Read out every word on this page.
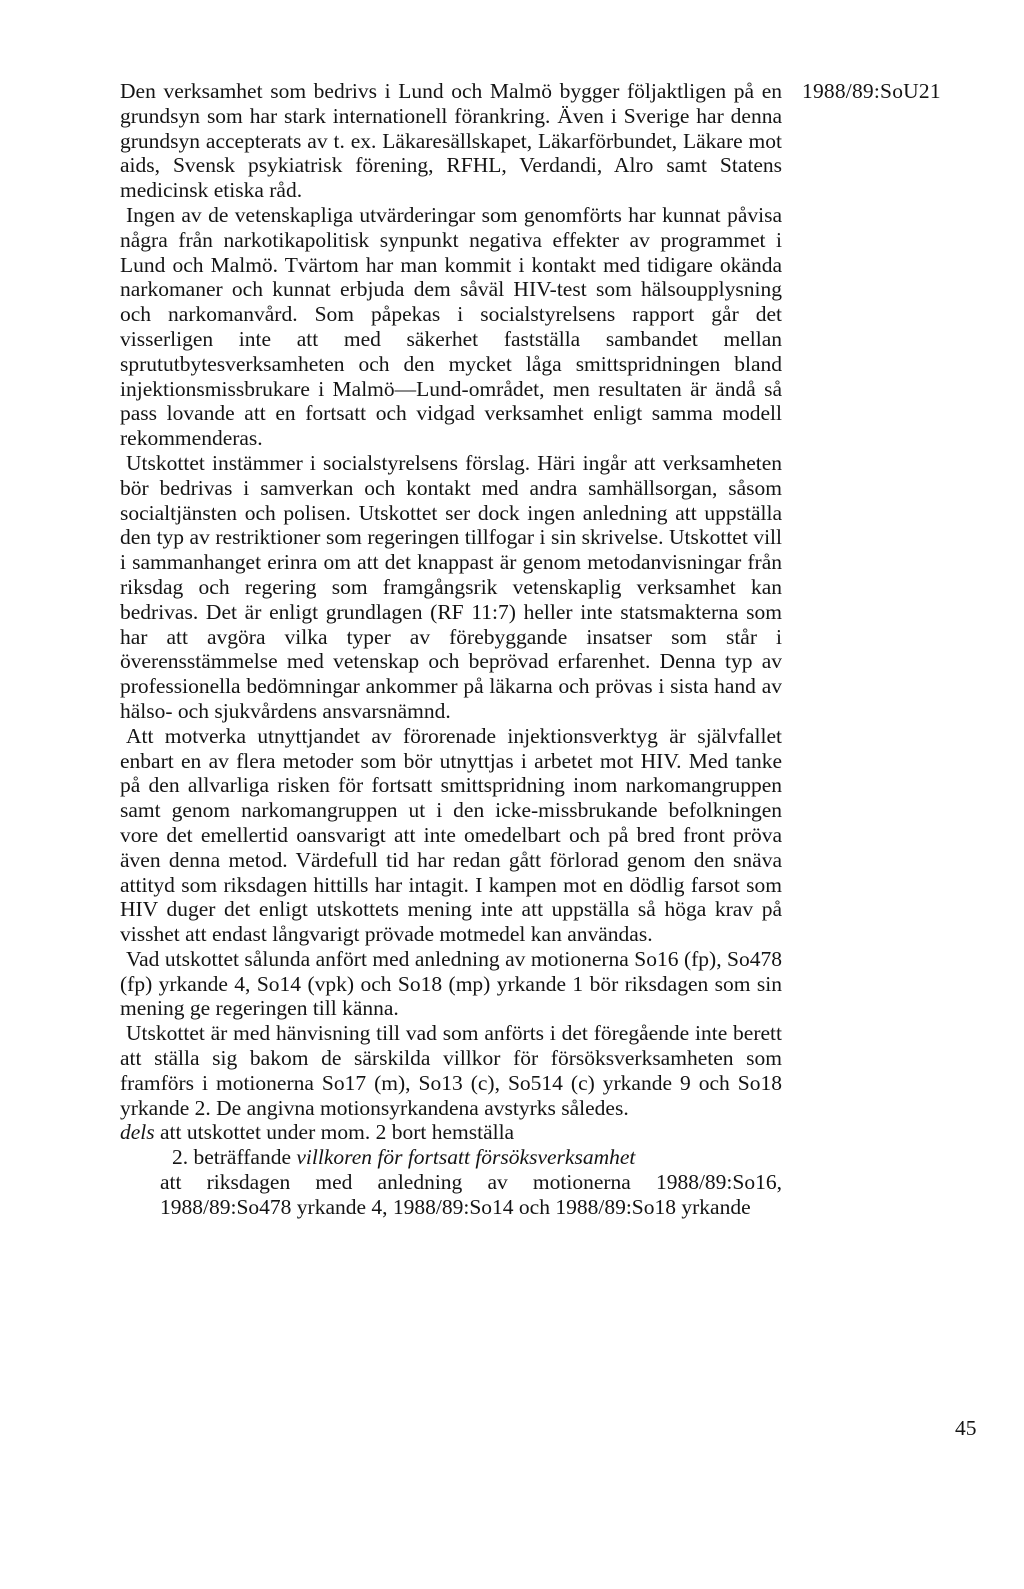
1988/89:SoU21

Den verksamhet som bedrivs i Lund och Malmö bygger följaktligen på en grundsyn som har stark internationell förankring. Även i Sverige har denna grundsyn accepterats av t. ex. Läkaresällskapet, Läkarförbundet, Läkare mot aids, Svensk psykiatrisk förening, RFHL, Verdandi, Alro samt Statens medicinsk etiska råd.

Ingen av de vetenskapliga utvärderingar som genomförts har kunnat påvisa några från narkotikapolitisk synpunkt negativa effekter av programmet i Lund och Malmö. Tvärtom har man kommit i kontakt med tidigare okända narkomaner och kunnat erbjuda dem såväl HIV-test som hälsoupplysning och narkomanvård. Som påpekas i socialstyrelsens rapport går det visserligen inte att med säkerhet fastställa sambandet mellan sprututbytesverksamheten och den mycket låga smittspridningen bland injektionsmissbrukare i Malmö—Lund-området, men resultaten är ändå så pass lovande att en fortsatt och vidgad verksamhet enligt samma modell rekommenderas.

Utskottet instämmer i socialstyrelsens förslag. Häri ingår att verksamheten bör bedrivas i samverkan och kontakt med andra samhällsorgan, såsom socialtjänsten och polisen. Utskottet ser dock ingen anledning att uppställa den typ av restriktioner som regeringen tillfogar i sin skrivelse. Utskottet vill i sammanhanget erinra om att det knappast är genom metodanvisningar från riksdag och regering som framgångsrik vetenskaplig verksamhet kan bedrivas. Det är enligt grundlagen (RF 11:7) heller inte statsmakterna som har att avgöra vilka typer av förebyggande insatser som står i överensstämmelse med vetenskap och beprövad erfarenhet. Denna typ av professionella bedömningar ankommer på läkarna och prövas i sista hand av hälso- och sjukvårdens ansvarsnämnd.

Att motverka utnyttjandet av förorenade injektionsverktyg är självfallet enbart en av flera metoder som bör utnyttjas i arbetet mot HIV. Med tanke på den allvarliga risken för fortsatt smittspridning inom narkomangruppen samt genom narkomangruppen ut i den icke-missbrukande befolkningen vore det emellertid oansvarigt att inte omedelbart och på bred front pröva även denna metod. Värdefull tid har redan gått förlorad genom den snäva attityd som riksdagen hittills har intagit. I kampen mot en dödlig farsot som HIV duger det enligt utskottets mening inte att uppställa så höga krav på visshet att endast långvarigt prövade motmedel kan användas.

Vad utskottet sålunda anfört med anledning av motionerna So16 (fp), So478 (fp) yrkande 4, So14 (vpk) och So18 (mp) yrkande 1 bör riksdagen som sin mening ge regeringen till känna.

Utskottet är med hänvisning till vad som anförts i det föregående inte berett att ställa sig bakom de särskilda villkor för försöksverksamheten som framförs i motionerna So17 (m), So13 (c), So514 (c) yrkande 9 och So18 yrkande 2. De angivna motionsyrkandena avstyrks således.

dels att utskottet under mom. 2 bort hemställa

2. beträffande villkoren för fortsatt försöksverksamhet

att riksdagen med anledning av motionerna 1988/89:So16, 1988/89:So478 yrkande 4, 1988/89:So14 och 1988/89:So18 yrkande

45
